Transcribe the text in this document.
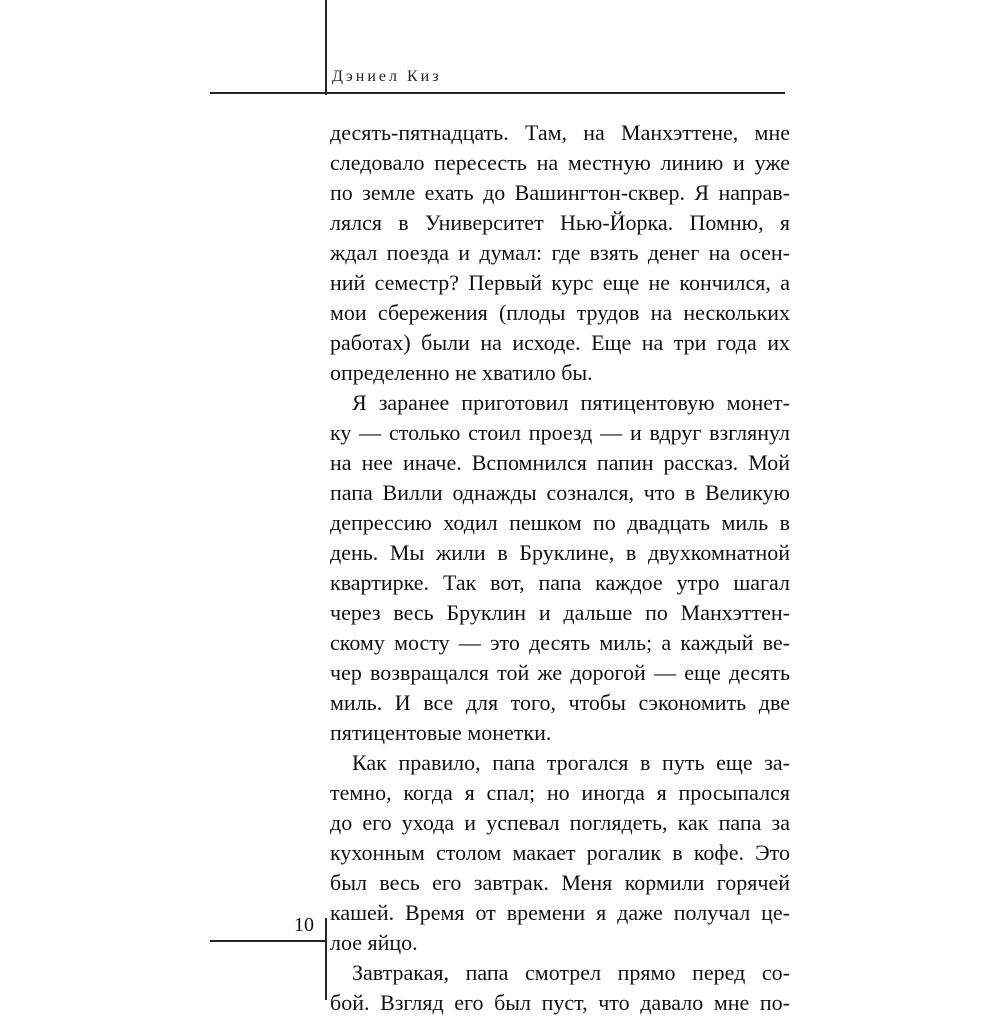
Дэниел Киз
десять-пятнадцать. Там, на Манхэттене, мне
следовало пересесть на местную линию и уже
по земле ехать до Вашингтон-сквер. Я направ-
лялся в Университет Нью-Йорка. Помню, я
ждал поезда и думал: где взять денег на осен-
ний семестр? Первый курс еще не кончился, а
мои сбережения (плоды трудов на нескольких
работах) были на исходе. Еще на три года их
определенно не хватило бы.
Я заранее приготовил пятицентовую монет-
ку — столько стоил проезд — и вдруг взглянул
на нее иначе. Вспомнился папин рассказ. Мой
папа Вилли однажды сознался, что в Великую
депрессию ходил пешком по двадцать миль в
день. Мы жили в Бруклине, в двухкомнатной
квартирке. Так вот, папа каждое утро шагал
через весь Бруклин и дальше по Манхэттен-
скому мосту — это десять миль; а каждый ве-
чер возвращался той же дорогой — еще десять
миль. И все для того, чтобы сэкономить две
пятицентовые монетки.
Как правило, папа трогался в путь еще за-
темно, когда я спал; но иногда я просыпался
до его ухода и успевал поглядеть, как папа за
кухонным столом макает рогалик в кофе. Это
был весь его завтрак. Меня кормили горячей
кашей. Время от времени я даже получал це-
лое яйцо.
Завтракая, папа смотрел прямо перед со-
бой. Взгляд его был пуст, что давало мне по-
10
